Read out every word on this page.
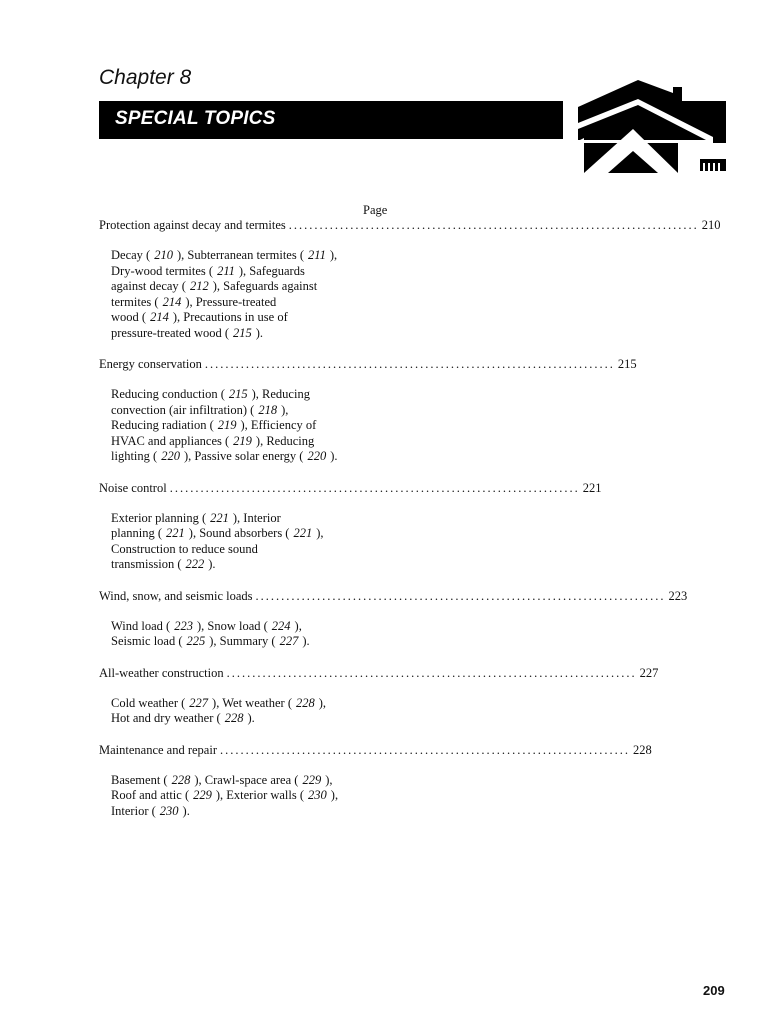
Chapter 8
SPECIAL TOPICS
Page
Protection against decay and termites ................................................................................ 210
Decay ( 210 ), Subterranean termites ( 211 ),
Dry-wood termites ( 211 ), Safeguards
against decay ( 212 ), Safeguards against
termites ( 214 ), Pressure-treated
wood ( 214 ), Precautions in use of
pressure-treated wood ( 215 ).
Energy conservation ................................................................................ 215
Reducing conduction ( 215 ), Reducing
convection (air infiltration) ( 218 ),
Reducing radiation ( 219 ), Efficiency of
HVAC and appliances ( 219 ), Reducing
lighting ( 220 ), Passive solar energy ( 220 ).
Noise control ................................................................................ 221
Exterior planning ( 221 ), Interior
planning ( 221 ), Sound absorbers ( 221 ),
Construction to reduce sound
transmission ( 222 ).
Wind, snow, and seismic loads ................................................................................ 223
Wind load ( 223 ), Snow load ( 224 ),
Seismic load ( 225 ), Summary ( 227 ).
All-weather construction ................................................................................ 227
Cold weather ( 227 ), Wet weather ( 228 ),
Hot and dry weather ( 228 ).
Maintenance and repair ................................................................................ 228
Basement ( 228 ), Crawl-space area ( 229 ),
Roof and attic ( 229 ), Exterior walls ( 230 ),
Interior ( 230 ).
209
